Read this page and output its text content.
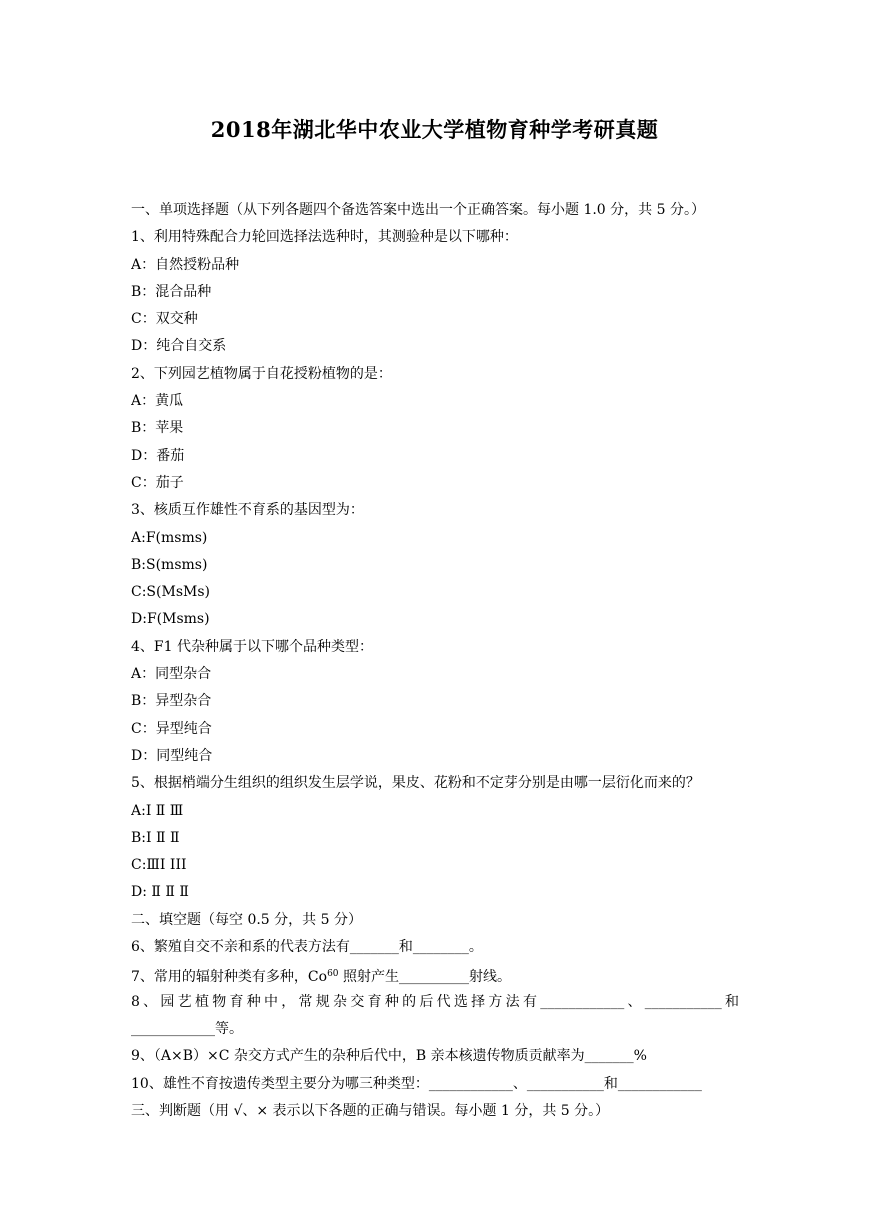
2018年湖北华中农业大学植物育种学考研真题
一、单项选择题（从下列各题四个备选答案中选出一个正确答案。每小题 1.0 分，共 5 分。）
1、利用特殊配合力轮回选择法选种时，其测验种是以下哪种：
A：自然授粉品种
B：混合品种
C：双交种
D：纯合自交系
2、下列园艺植物属于自花授粉植物的是：
A：黄瓜
B：苹果
D：番茄
C：茄子
3、核质互作雄性不育系的基因型为：
A:F(msms)
B:S(msms)
C:S(MsMs)
D:F(Msms)
4、F1 代杂种属于以下哪个品种类型：
A：同型杂合
B：异型杂合
C：异型纯合
D：同型纯合
5、根据梢端分生组织的组织发生层学说，果皮、花粉和不定芽分别是由哪一层衍化而来的？
A:I Ⅱ Ⅲ
B:I Ⅱ Ⅱ
C:ⅢI III
D: Ⅱ Ⅱ Ⅱ
二、填空题（每空 0.5 分，共 5 分）
6、繁殖自交不亲和系的代表方法有_______和________。
7、常用的辐射种类有多种，Co$^{60}$ 照射产生__________射线。
8、园艺植物育种中，常规杂交育种的后代选择方法有____________、___________和
____________等。
9、（A×B）×C 杂交方式产生的杂种后代中，B 亲本核遗传物质贡献率为_______%
10、雄性不育按遗传类型主要分为哪三种类型：____________、___________和____________
三、判断题（用 √、× 表示以下各题的正确与错误。每小题 1 分，共 5 分。）
